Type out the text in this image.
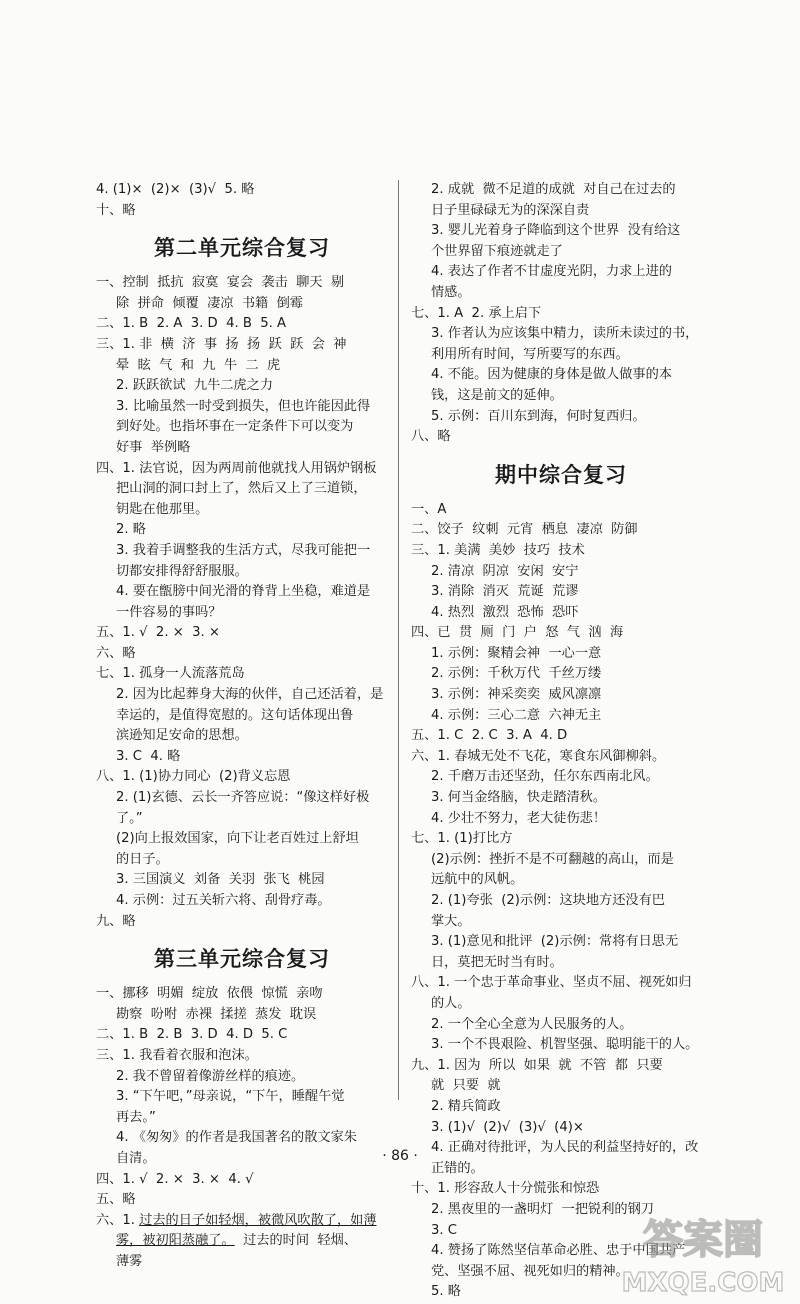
4. (1)×  (2)×  (3)√  5. 略
十、略
第二单元综合复习
一、控制  抵抗  寂寞  宴会  袭击  聊天  剔
除  拼命  倾覆  凄凉  书籍  倒霉
二、1. B  2. A  3. D  4. B  5. A
三、1. 非  横  济  事  扬  扬  跃  跃  会  神
晕  眩  气  和  九  牛  二  虎
2. 跃跃欲试  九牛二虎之力
3. 比喻虽然一时受到损失，但也许能因此得
到好处。也指坏事在一定条件下可以变为
好事  举例略
四、1. 法官说，因为两周前他就找人用锅炉钢板
把山洞的洞口封上了，然后又上了三道锁，
钥匙在他那里。
2. 略
3. 我着手调整我的生活方式，尽我可能把一
切都安排得舒舒服服。
4. 要在甑膀中间光滑的脊背上坐稳，难道是
一件容易的事吗？
五、1. √  2. ×  3. ×
六、略
七、1. 孤身一人流落荒岛
2. 因为比起葬身大海的伙伴，自己还活着，是
幸运的，是值得宽慰的。这句话体现出鲁
滨逊知足安命的思想。
3. C  4. 略
八、1. (1)协力同心  (2)背义忘恩
2. (1)玄德、云长一齐答应说：“像这样好极
了。”
(2)向上报效国家，向下让老百姓过上舒坦
的日子。
3. 三国演义  刘备  关羽  张飞  桃园
4. 示例：过五关斩六将、刮骨疗毒。
九、略
第三单元综合复习
一、挪移  明媚  绽放  依偎  惊慌  亲吻
勘察  吩咐  赤裸  揉搓  蒸发  耽误
二、1. B  2. B  3. D  4. D  5. C
三、1. 我看着衣服和泡沫。
2. 我不曾留着像游丝样的痕迹。
3. “下午吧，”母亲说，“下午，睡醒午觉
再去。”
4. 《匆匆》的作者是我国著名的散文家朱
自清。
四、1. √  2. ×  3. ×  4. √
五、略
六、1. 过去的日子如轻烟，被微风吹散了，如薄
雾，被初阳蒸融了。  过去的时间  轻烟、
薄雾
2. 成就  微不足道的成就  对自己在过去的
日子里碌碌无为的深深自责
3. 婴儿光着身子降临到这个世界  没有给这
个世界留下痕迹就走了
4. 表达了作者不甘虚度光阴，力求上进的
情感。
七、1. A  2. 承上启下
3. 作者认为应该集中精力，读所未读过的书，
利用所有时间，写所要写的东西。
4. 不能。因为健康的身体是做人做事的本
钱，这是前文的延伸。
5. 示例：百川东到海，何时复西归。
八、略
期中综合复习
一、A
二、饺子  纹刺  元宵  栖息  凄凉  防御
三、1. 美满  美妙  技巧  技术
2. 清凉  阴凉  安闲  安宁
3. 消除  消灭  荒诞  荒谬
4. 热烈  激烈  恐怖  恐吓
四、已  贯  厕  门  户  怒  气  汹  海
1. 示例：聚精会神  一心一意
2. 示例：千秋万代  千丝万缕
3. 示例：神采奕奕  威风凛凛
4. 示例：三心二意  六神无主
五、1. C  2. C  3. A  4. D
六、1. 春城无处不飞花，寒食东风御柳斜。
2. 千磨万击还坚劲，任尔东西南北风。
3. 何当金络脑，快走踏清秋。
4. 少壮不努力，老大徒伤悲！
七、1. (1)打比方
(2)示例：挫折不是不可翻越的高山，而是
远航中的风帆。
2. (1)夸张  (2)示例：这块地方还没有巴
掌大。
3. (1)意见和批评  (2)示例：常将有日思无
日，莫把无时当有时。
八、1. 一个忠于革命事业、坚贞不屈、视死如归
的人。
2. 一个全心全意为人民服务的人。
3. 一个不畏艰险、机智坚强、聪明能干的人。
九、1. 因为  所以  如果  就  不管  都  只要
就  只要  就
2. 精兵简政
3. (1)√  (2)√  (3)√  (4)×
4. 正确对待批评，为人民的利益坚持好的，改
正错的。
十、1. 形容敌人十分慌张和惊恐
2. 黑夜里的一盏明灯  一把锐利的钢刀
3. C
4. 赞扬了陈然坚信革命必胜、忠于中国共产
党、坚强不屈、视死如归的精神。
5. 略
· 86 ·
答案圈
MXQE.COM
